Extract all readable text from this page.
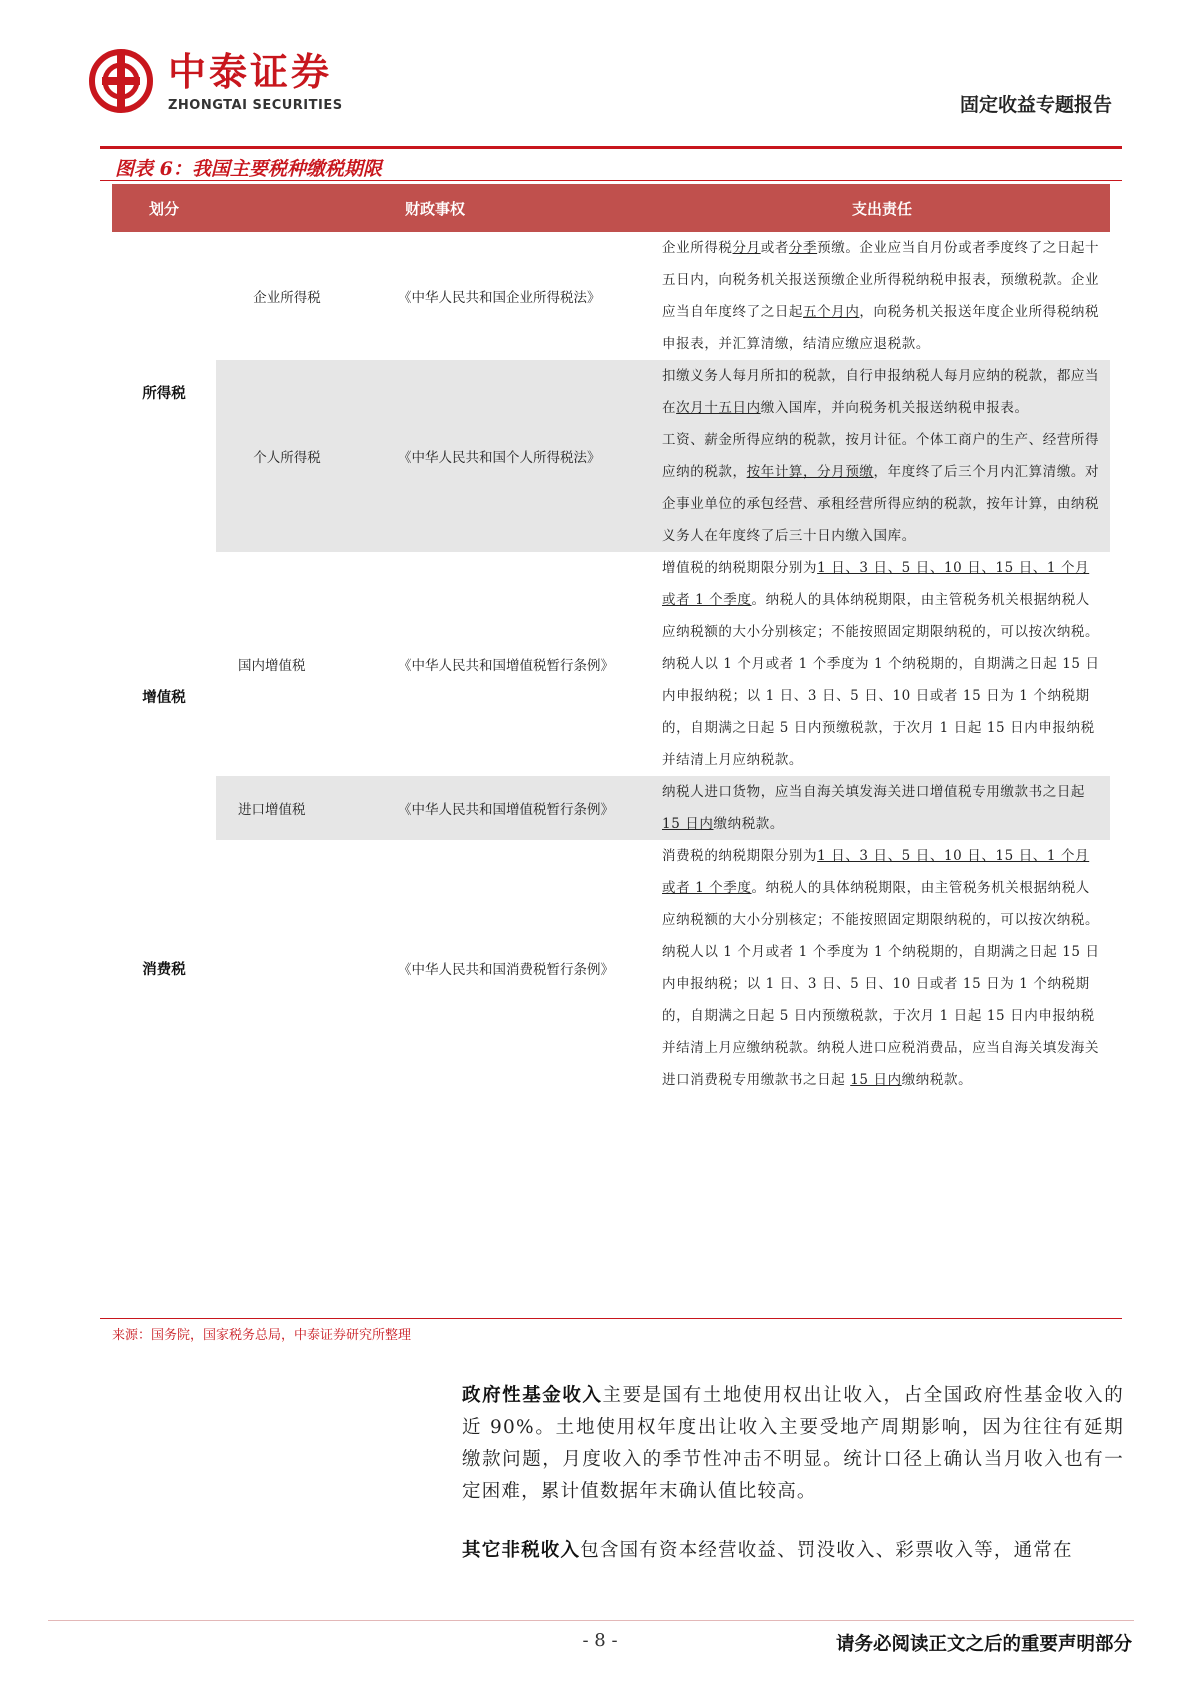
中泰证券
ZHONGTAI SECURITIES	固定收益专题报告
图表 6：我国主要税种缴税期限
划分	财政事权		支出责任
所得税	企业所得税	《中华人民共和国企业所得税法》	企业所得税分月或者分季预缴。企业应当自月份或者季度终了之日起十五日内，向税务机关报送预缴企业所得税纳税申报表，预缴税款。企业应当自年度终了之日起五个月内，向税务机关报送年度企业所得税纳税申报表，并汇算清缴，结清应缴应退税款。
	个人所得税	《中华人民共和国个人所得税法》	扣缴义务人每月所扣的税款，自行申报纳税人每月应纳的税款，都应当在次月十五日内缴入国库，并向税务机关报送纳税申报表。
工资、薪金所得应纳的税款，按月计征。个体工商户的生产、经营所得应纳的税款，按年计算，分月预缴，年度终了后三个月内汇算清缴。对企事业单位的承包经营、承租经营所得应纳的税款，按年计算，由纳税义务人在年度终了后三十日内缴入国库。
增值税	国内增值税	《中华人民共和国增值税暂行条例》	增值税的纳税期限分别为1 日、3 日、5 日、10 日、15 日、1 个月或者 1 个季度。纳税人的具体纳税期限，由主管税务机关根据纳税人应纳税额的大小分别核定；不能按照固定期限纳税的，可以按次纳税。
纳税人以 1 个月或者 1 个季度为 1 个纳税期的，自期满之日起 15 日内申报纳税；以 1 日、3 日、5 日、10 日或者 15 日为 1 个纳税期的，自期满之日起 5 日内预缴税款，于次月 1 日起 15 日内申报纳税并结清上月应纳税款。
	进口增值税	《中华人民共和国增值税暂行条例》	纳税人进口货物，应当自海关填发海关进口增值税专用缴款书之日起 15 日内缴纳税款。
消费税		《中华人民共和国消费税暂行条例》	消费税的纳税期限分别为1 日、3 日、5 日、10 日、15 日、1 个月或者 1 个季度。纳税人的具体纳税期限，由主管税务机关根据纳税人应纳税额的大小分别核定；不能按照固定期限纳税的，可以按次纳税。纳税人以 1 个月或者 1 个季度为 1 个纳税期的，自期满之日起 15 日内申报纳税；以 1 日、3 日、5 日、10 日或者 15 日为 1 个纳税期的，自期满之日起 5 日内预缴税款，于次月 1 日起 15 日内申报纳税并结清上月应缴纳税款。纳税人进口应税消费品，应当自海关填发海关进口消费税专用缴款书之日起 15 日内缴纳税款。
来源：国务院，国家税务总局，中泰证券研究所整理
政府性基金收入主要是国有土地使用权出让收入，占全国政府性基金收入的近 90%。土地使用权年度出让收入主要受地产周期影响，因为往往有延期缴款问题，月度收入的季节性冲击不明显。统计口径上确认当月收入也有一定困难，累计值数据年末确认值比较高。
其它非税收入包含国有资本经营收益、罚没收入、彩票收入等，通常在
- 8 -	请务必阅读正文之后的重要声明部分
